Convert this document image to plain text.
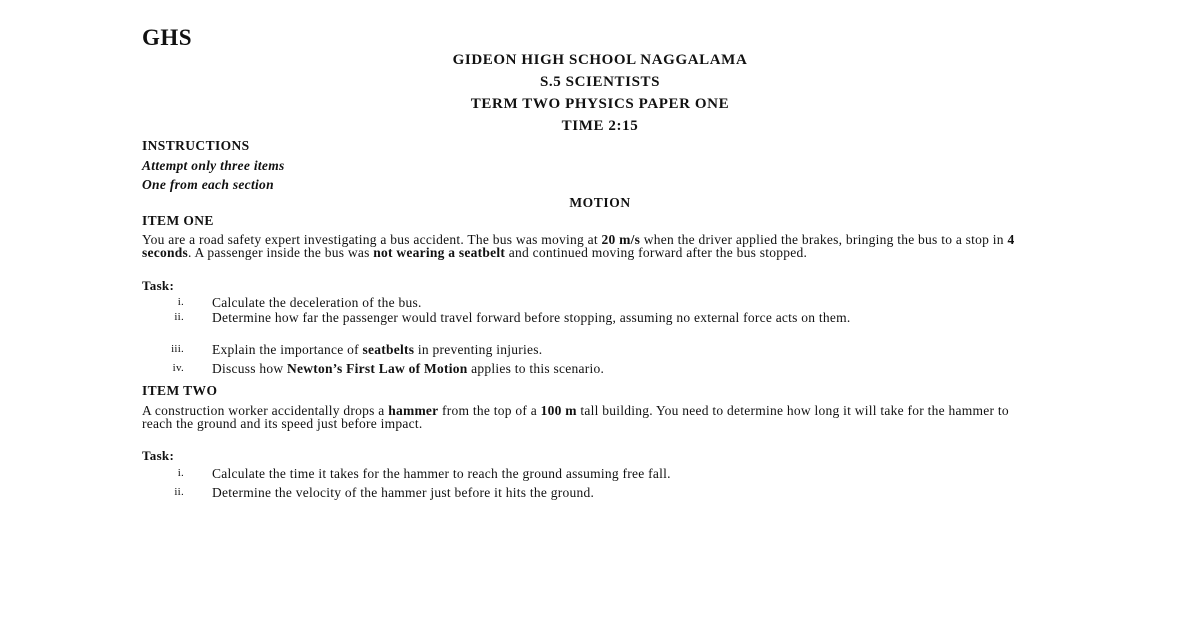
GHS
GIDEON HIGH SCHOOL NAGGALAMA
S.5 SCIENTISTS
TERM TWO PHYSICS PAPER ONE
TIME 2:15
INSTRUCTIONS
Attempt only three items
One from each section
MOTION
ITEM ONE

You are a road safety expert investigating a bus accident. The bus was moving at 20 m/s when the driver applied the brakes, bringing the bus to a stop in 4 seconds. A passenger inside the bus was not wearing a seatbelt and continued moving forward after the bus stopped.

Task:
i. Calculate the deceleration of the bus.
ii. Determine how far the passenger would travel forward before stopping, assuming no external force acts on them.
iii. Explain the importance of seatbelts in preventing injuries.
iv. Discuss how Newton’s First Law of Motion applies to this scenario.
ITEM TWO

A construction worker accidentally drops a hammer from the top of a 100 m tall building. You need to determine how long it will take for the hammer to reach the ground and its speed just before impact.

Task:
i. Calculate the time it takes for the hammer to reach the ground assuming free fall.
ii. Determine the velocity of the hammer just before it hits the ground.
